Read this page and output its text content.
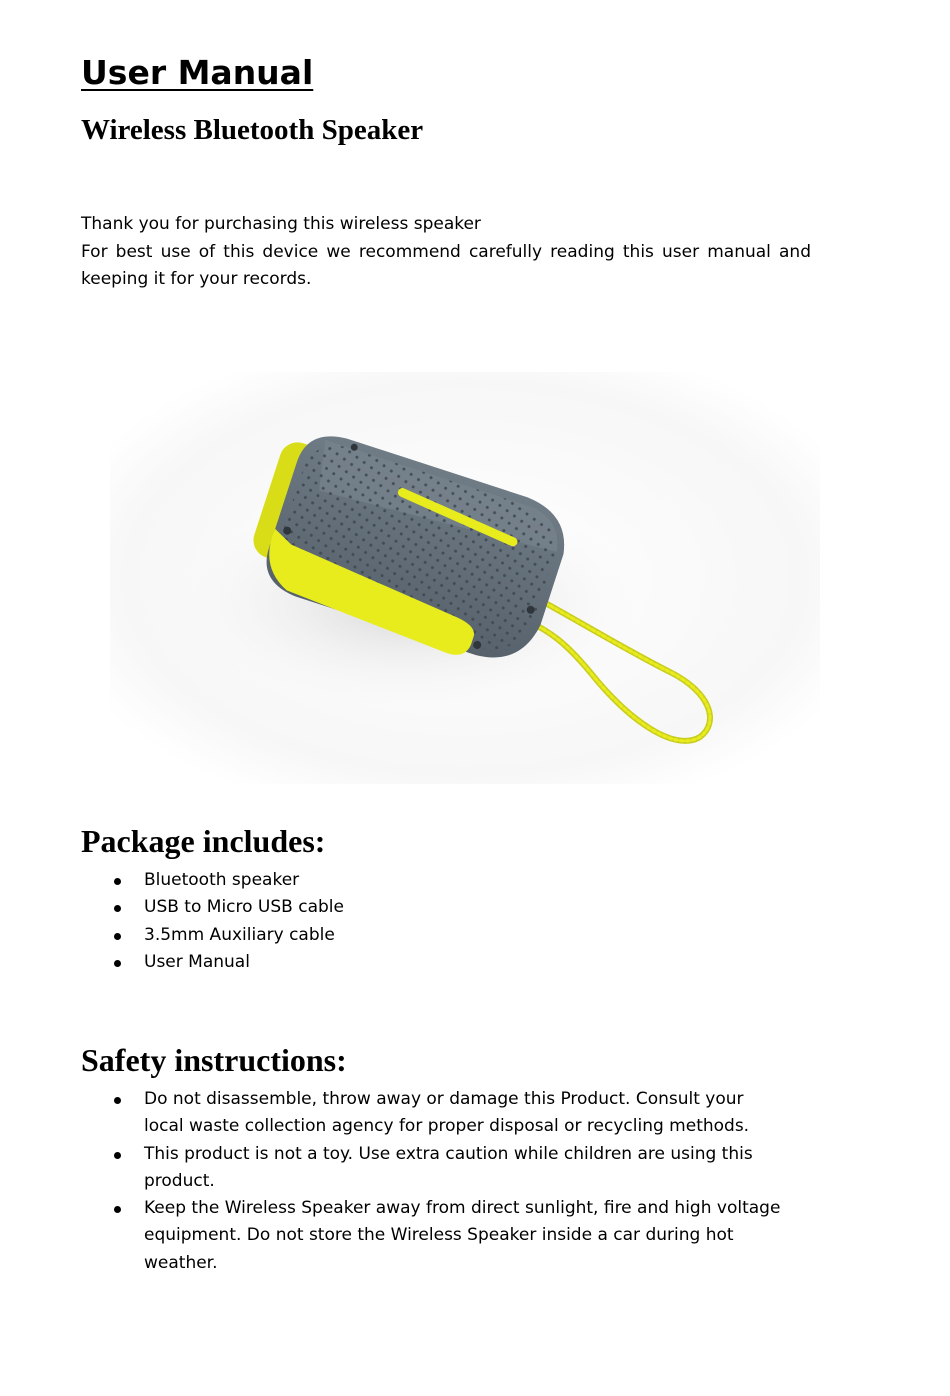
User Manual
Wireless Bluetooth Speaker

Thank you for purchasing this wireless speaker

For best use of this device we recommend carefully reading this user manual and keeping it for your records.

Package includes:
Bluetooth speaker
USB to Micro USB cable
3.5mm Auxiliary cable
User Manual
Safety instructions:
Do not disassemble, throw away or damage this Product. Consult your local waste collection agency for proper disposal or recycling methods.
This product is not a toy. Use extra caution while children are using this product.
Keep the Wireless Speaker away from direct sunlight, fire and high voltage equipment. Do not store the Wireless Speaker inside a car during hot weather.
